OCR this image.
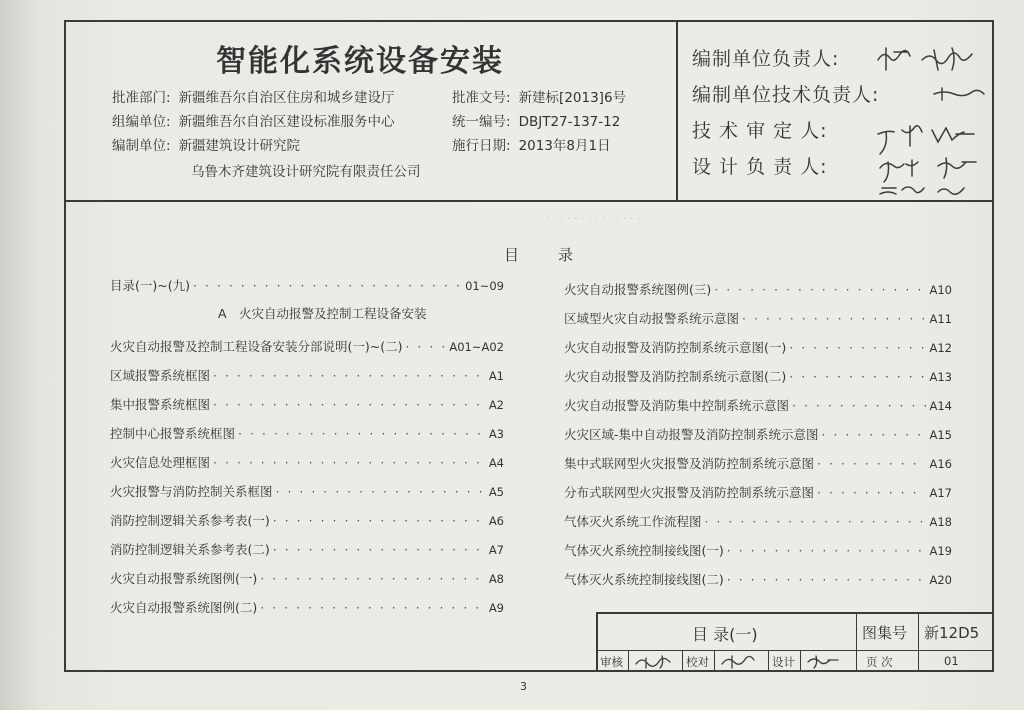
智能化系统设备安装
批准部门: 新疆维吾尔自治区住房和城乡建设厅
组编单位: 新疆维吾尔自治区建设标准服务中心
编制单位: 新疆建筑设计研究院
乌鲁木齐建筑设计研究院有限责任公司
批准文号: 新建标[2013]6号
统一编号: DBJT27-137-12
施行日期: 2013年8月1日
编制单位负责人:
编制单位技术负责人:
技 术 审 定 人:
设 计 负 责 人:
· · · · · · · · · · · · · · ·
目	录
目录(一)~(九) · · ·	01~09
A　火灾自动报警及控制工程设备安装
火灾自动报警及控制工程设备安装分部说明(一)~(二) · · ·	A01~A02
区域报警系统框图 · · ·	A1
集中报警系统框图 · · ·	A2
控制中心报警系统框图 · · ·	A3
火灾信息处理框图 · · ·	A4
火灾报警与消防控制关系框图 · · ·	A5
消防控制逻辑关系参考表(一) · · ·	A6
消防控制逻辑关系参考表(二) · · ·	A7
火灾自动报警系统图例(一) · · ·	A8
火灾自动报警系统图例(二) · · ·	A9
火灾自动报警系统图例(三) · · ·	A10
区域型火灾自动报警系统示意图 · · ·	A11
火灾自动报警及消防控制系统示意图(一) · · ·	A12
火灾自动报警及消防控制系统示意图(二) · · ·	A13
火灾自动报警及消防集中控制系统示意图 · · ·	A14
火灾区域-集中自动报警及消防控制系统示意图 · · ·	A15
集中式联网型火灾报警及消防控制系统示意图 · · ·	A16
分布式联网型火灾报警及消防控制系统示意图 · · ·	A17
气体灭火系统工作流程图 · · ·	A18
气体灭火系统控制接线图(一) · · ·	A19
气体灭火系统控制接线图(二) · · ·	A20
目 录(一)	图集号 新12D5
审核	校对	设计	页 次	01
3
